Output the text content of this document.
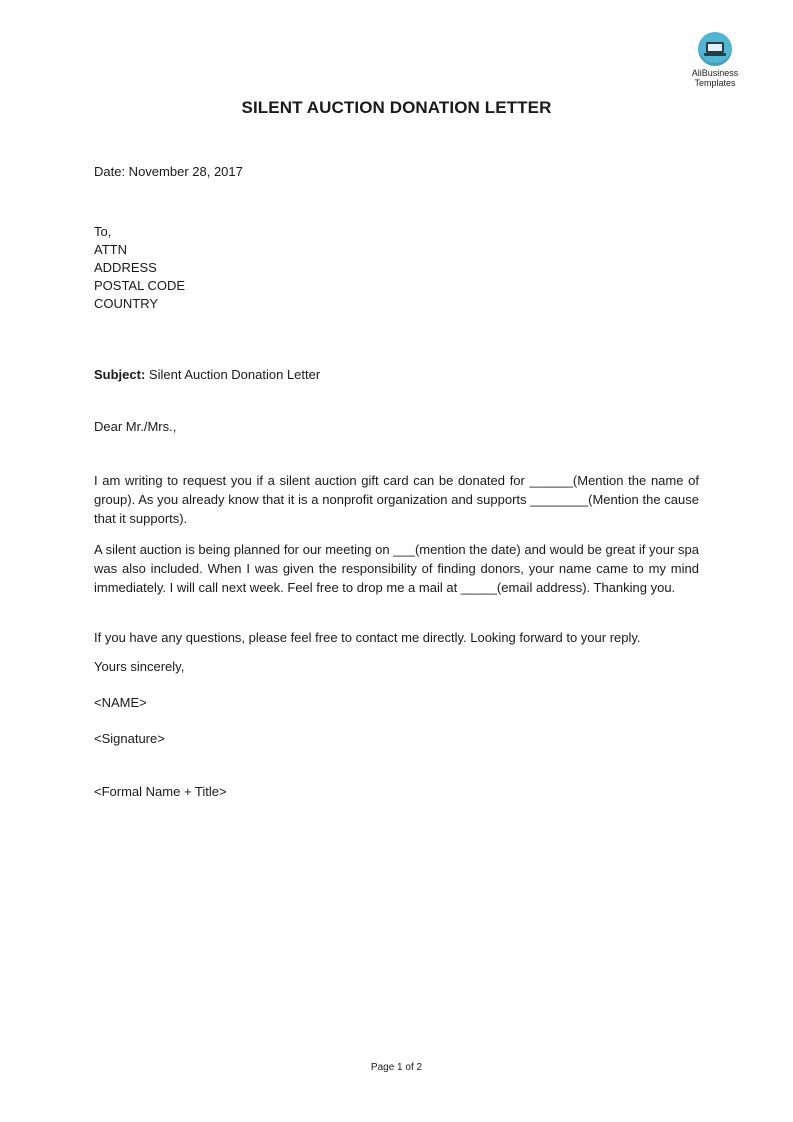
AliBusiness
Templates
SILENT AUCTION DONATION LETTER
Date: November 28, 2017
To,
ATTN
ADDRESS
POSTAL CODE
COUNTRY
Subject: Silent Auction Donation Letter
Dear Mr./Mrs.,

I am writing to request you if a silent auction gift card can be donated for ______(Mention the name of group). As you already know that it is a nonprofit organization and supports ________(Mention the cause that it supports).

A silent auction is being planned for our meeting on ___(mention the date) and would be great if your spa was also included. When I was given the responsibility of finding donors, your name came to my mind immediately. I will call next week. Feel free to drop me a mail at _____(email address). Thanking you.

If you have any questions, please feel free to contact me directly. Looking forward to your reply.

Yours sincerely,
<NAME>
<Signature>
<Formal Name + Title>
Page 1 of 2
